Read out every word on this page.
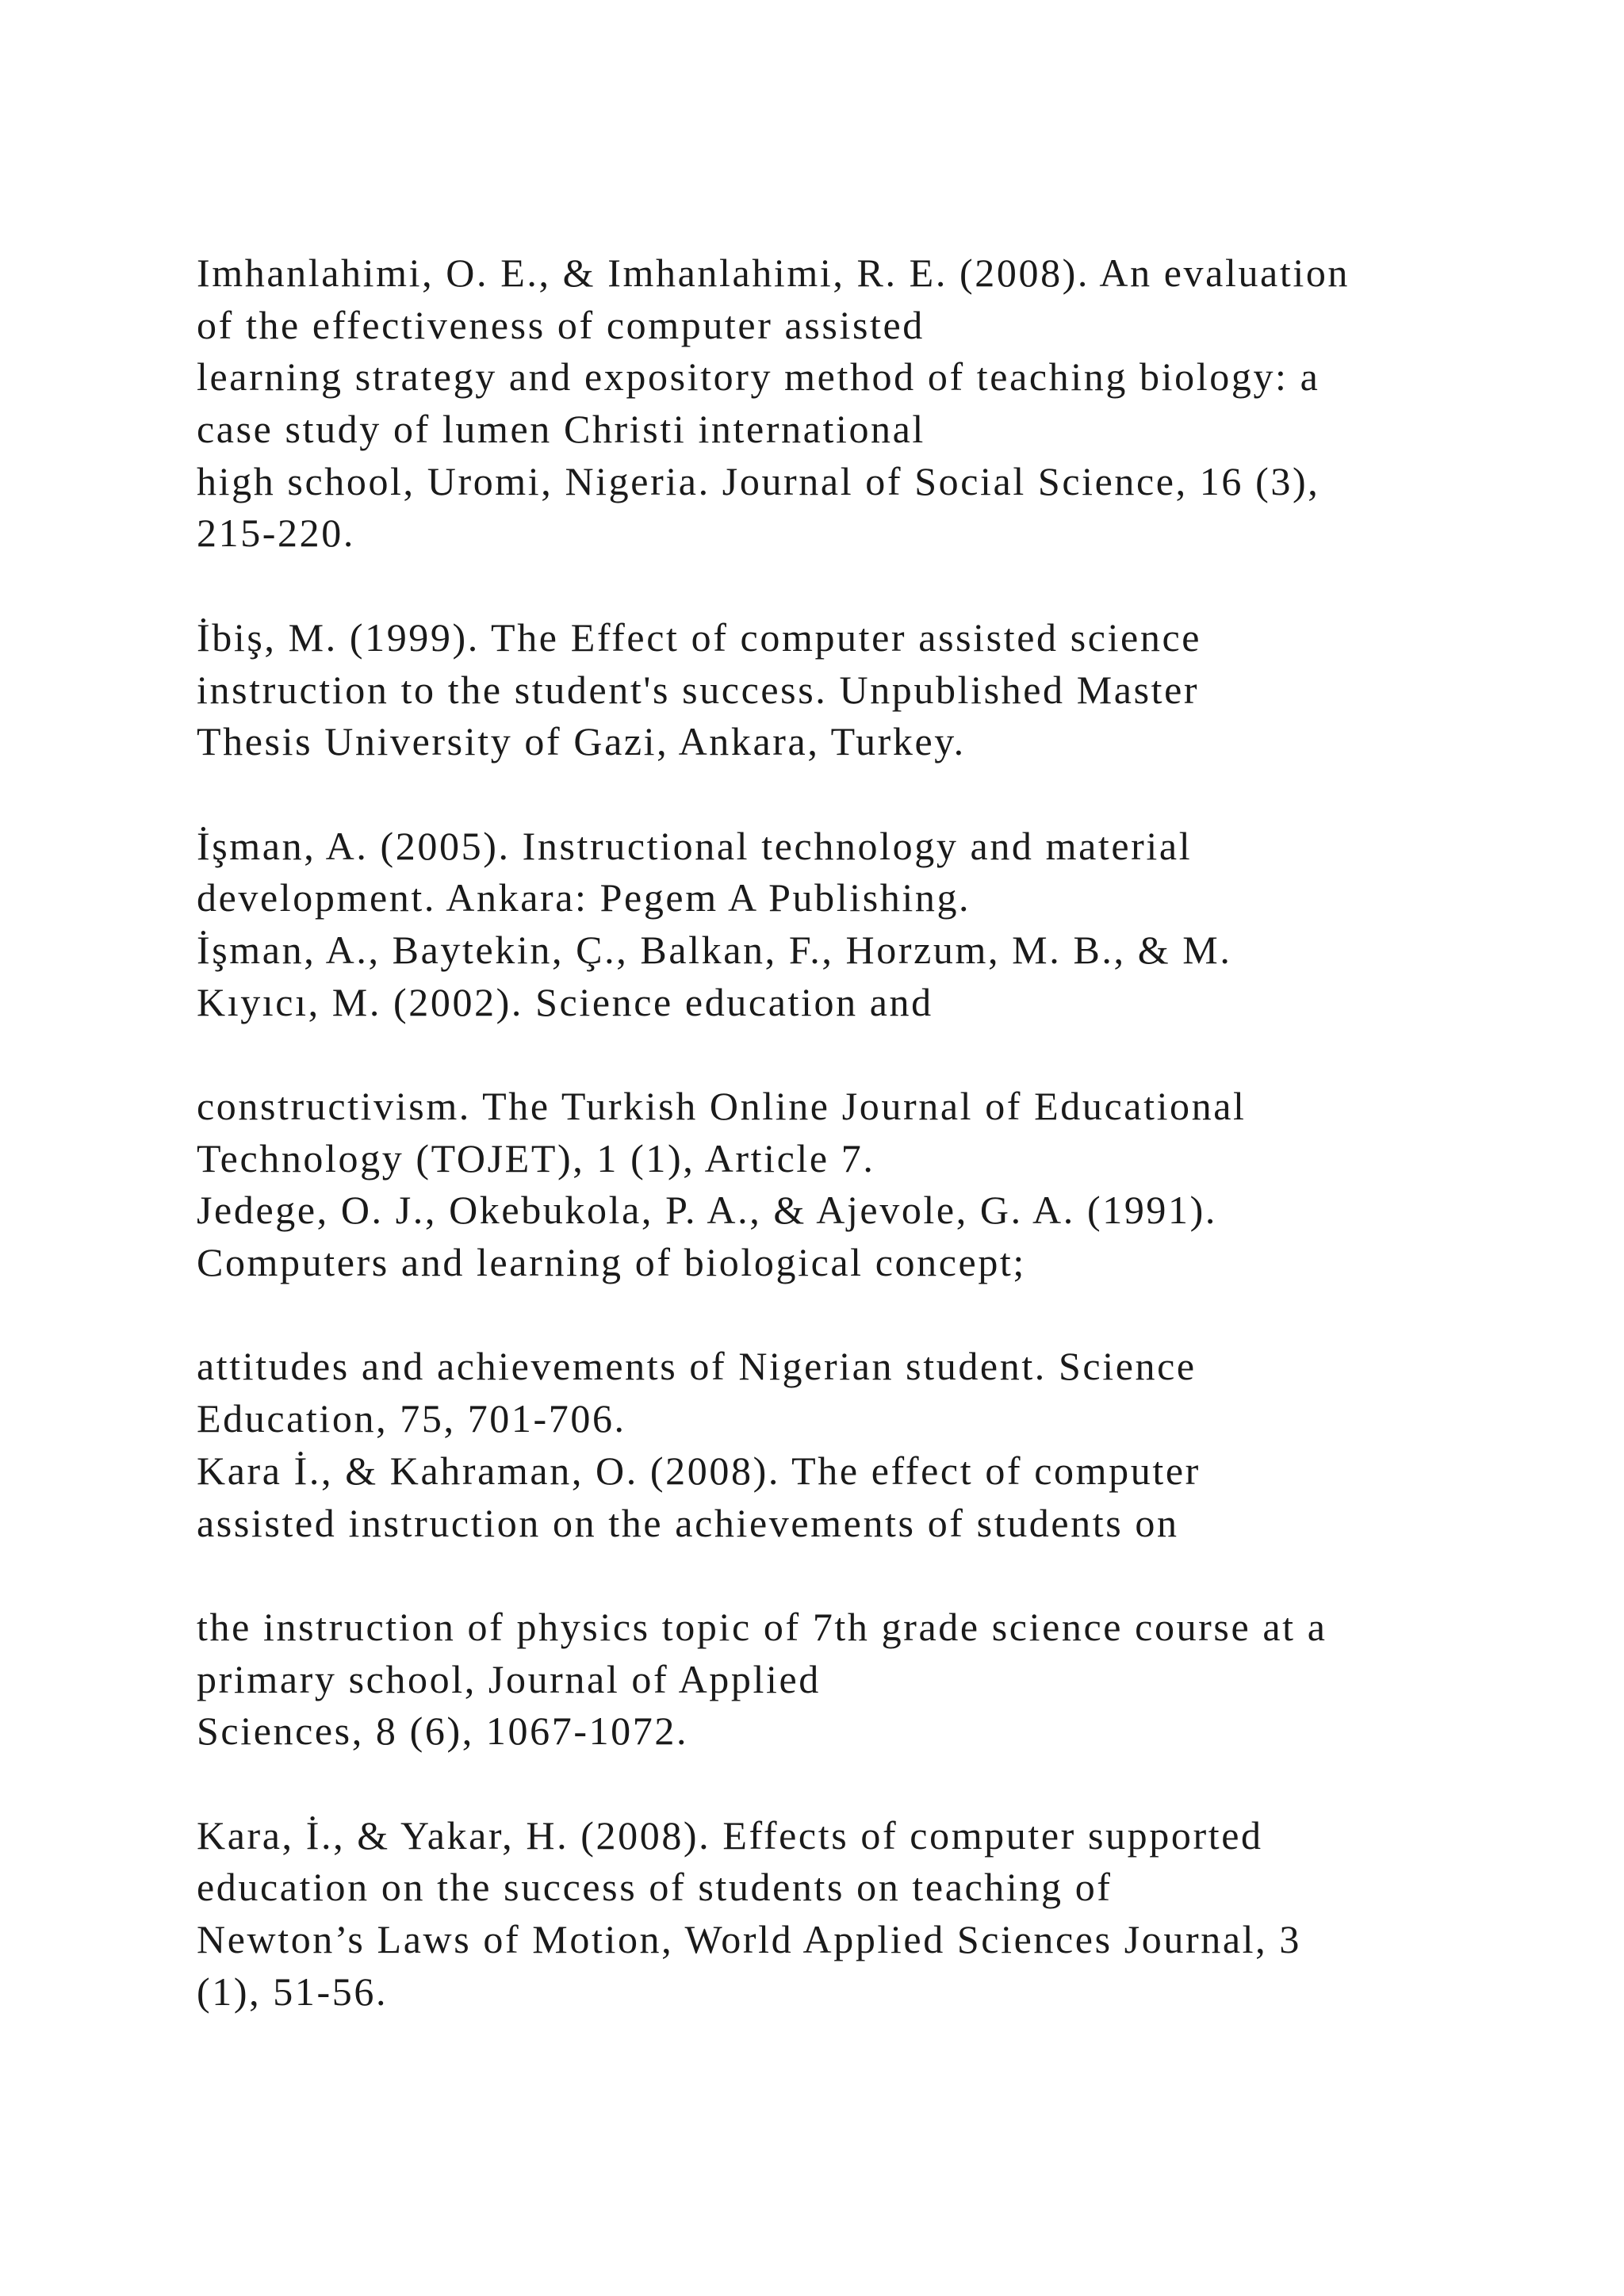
Imhanlahimi, O. E., & Imhanlahimi, R. E. (2008). An evaluation
of the effectiveness of computer assisted
learning strategy and expository method of teaching biology: a
case study of lumen Christi international
high school, Uromi, Nigeria. Journal of Social Science, 16 (3),
215-220.
İbiş, M. (1999). The Effect of computer assisted science
instruction to the student's success. Unpublished Master
Thesis University of Gazi, Ankara, Turkey.
İşman, A. (2005). Instructional technology and material
development. Ankara: Pegem A Publishing.
İşman, A., Baytekin, Ç., Balkan, F., Horzum, M. B., & M.
Kıyıcı, M. (2002). Science education and
constructivism. The Turkish Online Journal of Educational
Technology (TOJET), 1 (1), Article 7.
Jedege, O. J., Okebukola, P. A., & Ajevole, G. A. (1991).
Computers and learning of biological concept;
attitudes and achievements of Nigerian student. Science
Education, 75, 701-706.
Kara İ., & Kahraman, O. (2008). The effect of computer
assisted instruction on the achievements of students on
the instruction of physics topic of 7th grade science course at a
primary school, Journal of Applied
Sciences, 8 (6), 1067-1072.
Kara, İ., & Yakar, H. (2008). Effects of computer supported
education on the success of students on teaching of
Newton’s Laws of Motion, World Applied Sciences Journal, 3
(1), 51-56.
